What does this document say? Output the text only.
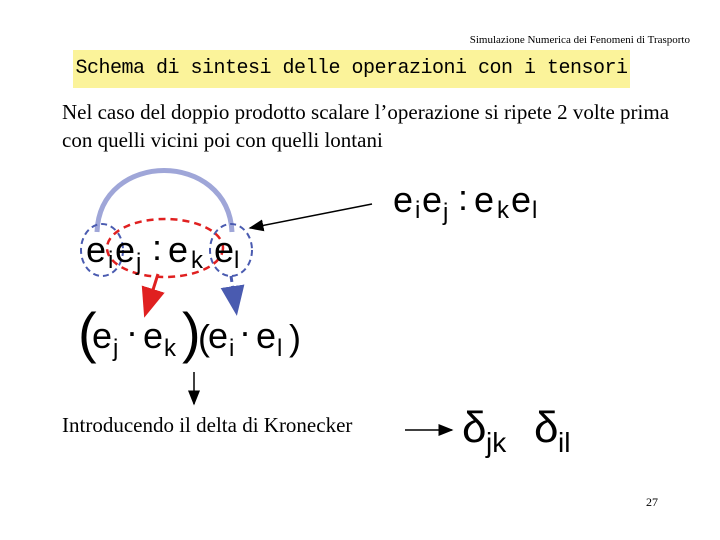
Simulazione Numerica dei Fenomeni di Trasporto
Schema di sintesi delle operazioni con i tensori
Nel caso del doppio prodotto scalare l’operazione si ripete 2 volte prima con quelli vicini poi con quelli lontani
e i e j : e k e l
e i e j : e k e l
(
e j · e k )
(
e i · e l )
δ jk δ il
Introducendo il delta di Kronecker
27
